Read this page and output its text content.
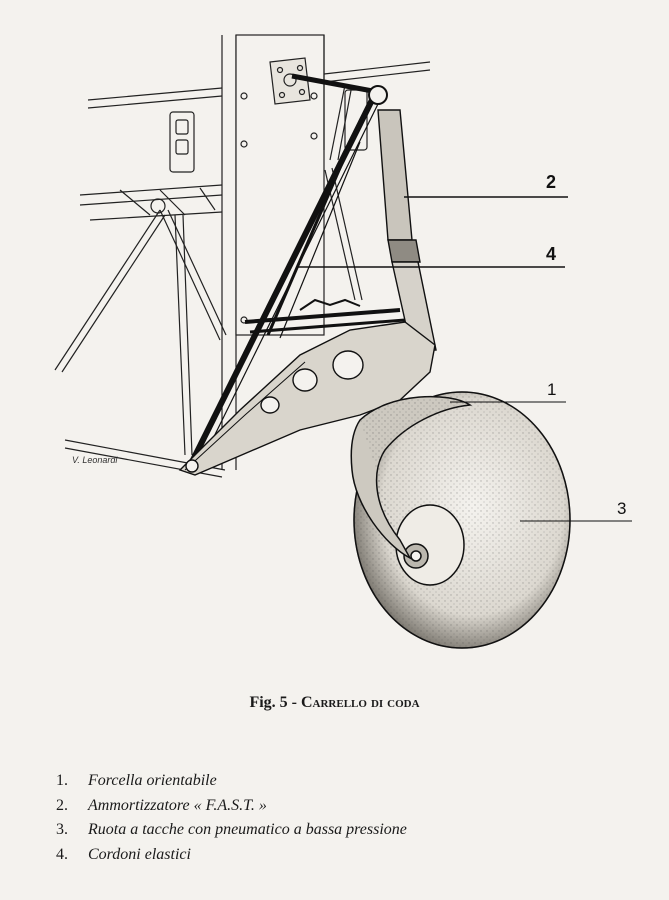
2
4
1
3
V. Leonardi
Fig. 5 - Carrello di coda
1. Forcella orientabile
2. Ammortizzatore « F.A.S.T. »
3. Ruota a tacche con pneumatico a bassa pressione
4. Cordoni elastici
